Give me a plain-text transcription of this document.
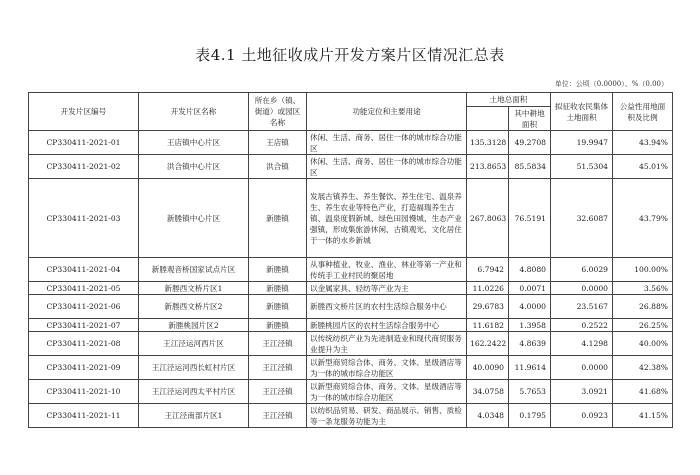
表4.1 土地征收成片开发方案片区情况汇总表
单位：公顷（0.0000）、%（0.00）
开发片区编号	开发片区名称	所在乡（镇、街道）或园区名称	功能定位和主要用途	土地总面积		拟征收农民集体土地面积	公益性用地面积及比例
					其中耕地面积		
CP330411-2021-01	王店镇中心片区	王店镇	休闲、生活、商务、居住一体的城市综合功能区	135.3128	49.2708	19.9947	43.94%
CP330411-2021-02	洪合镇中心片区	洪合镇	休闲、生活、商务、居住一体的城市综合功能区	213.8653	85.5834	51.5304	45.01%
CP330411-2021-03	新塍镇中心片区	新塍镇	发展古镇养生、养生餐饮、养生住宅、温泉养生、养生农业等特色产业，打造福瑞养生古镇、温泉度假新城、绿色田园慢城、生态产业强镇，形成集旅游休闲、古镇观光、文化居住于一体的水乡新城	267.8063	76.5191	32.6087	43.79%
CP330411-2021-04	新塍观音桥国家试点片区	新塍镇	从事种植业、牧业、渔业、林业等第一产业和传统手工业村民的聚居地	6.7942	4.8080	6.0029	100.00%
CP330411-2021-05	新塍西文桥片区1	新塍镇	以金属家具、轻纺等产业为主	11.0226	0.0071	0.0000	3.56%
CP330411-2021-06	新塍西文桥片区2	新塍镇	新塍西文桥片区的农村生活综合服务中心	29.6783	4.0000	23.5167	26.88%
CP330411-2021-07	新塍桃园片区2	新塍镇	新塍桃园片区的农村生活综合服务中心	11.6182	1.3958	0.2522	26.25%
CP330411-2021-08	王江泾运河西片区	王江泾镇	以传统纺织产业为先进制造业和现代商贸服务业提升为主	162.2422	4.8639	4.1298	40.00%
CP330411-2021-09	王江泾运河西长虹村片区	王江泾镇	以新型商贸综合体、商务、文体、星级酒店等为一体的城市综合功能区	40.0090	11.9614	0.0000	42.38%
CP330411-2021-10	王江泾运河西太平村片区	王江泾镇	以新型商贸综合体、商务、文体、星级酒店等为一体的城市综合功能区	34.0758	5.7653	3.0921	41.68%
CP330411-2021-11	王江泾南部片区1	王江泾镇	以纺织品贸易、研发、商品展示、销售、质检等一条龙服务功能为主	4.0348	0.1795	0.0923	41.15%
